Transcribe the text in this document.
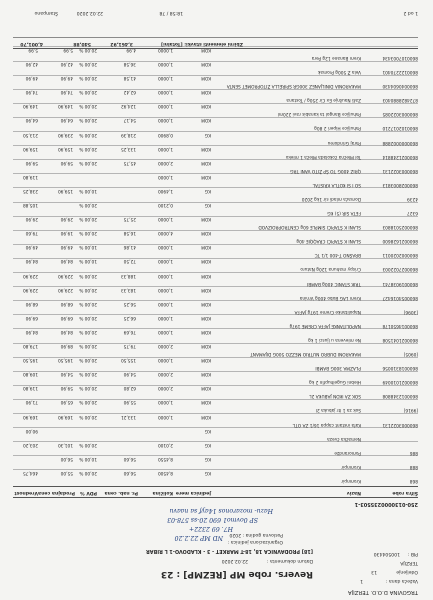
TRGOVINA D.O.O. TERZIJA
Važeća dana :
1
Odeljenje
13
TERZIJA
PIB :
100504430
Revers. robe MP [REZMP] : 23
Datum dokumenta :
22.02.2020
[18] PRODAVNICA 18, 18-T MARKET - 3 - KLADOVO-1 L RIBAR
Organizaciona jedinica :
Poslovna godina : 2020
ND MP 22.2.20
H7. 69 2322+
SP 0ovmo1 690 20-ss 578-03
Hazu- mozaronos 14ayf sa naavu
250-0130000235503-1
Šifra robe
Naziv
Jedinica mere
Količina
Pr. nab. cena
PDV %
Prodajna cena
Vrednost
868
Kromnpir
KG
8,4500
56,60
20,00 %
55,00
464,75
888
Kromnpir
KG
8,4550
56,60
10,00 %
56,00
886
Pomorandže
KG
2,0100
20,00 %
101,30
203,20
Nemačka čveza
KG
90,00
8600003022131
Kafa instant cappa 16/1 ZA OTL
KOM
1,0000
133,21
20,00 %
169,90
169,90
[9916]
Sok za 1 ltr jabuka 2l
KOM
1,0000
55,90
20,00 %
65,90
71,90
8600012348808
SOK ZA IKON JABUKA 2L
KOM
2,0000
62,80
20,00 %
59,90
119,80
8600021010049
Hlebni Gugelhupfin 2 kg
KOM
2,0000
54,90
20,00 %
54,90
109,80
8600018310056
PLAZMA 300G BAMBI
KOM
1,0000
155,50
20,00 %
195,50
195,50
[0905]
MAKARONI DUBRO NUTRIO MEZZO 500G DIJAMANT
KOM
2,0000
79,75
20,00 %
89,90
179,80
8600021041508
Ne mlevena u ljusci 1 kg
KOM
1,0000
76,69
20,00 %
84,90
84,90
8600014650178
NAPOLITANKE JAFFA CREME 197g
KOM
1,0000
66,25
20,00 %
69,90
69,90
[3096]
Napolitanke Creme 197g JAFFA
KOM
1,0000
56,25
20,00 %
68,90
68,90
8600054016427
Krem LAG Bobo 400g Vrnina
KOM
1,0000
183,33
20,00 %
229,90
229,90
8600019038741
TRIK STANIC 400g BAMBI
KOM
1,0000
188,33
20,00 %
229,90
229,90
8600027022003
Crispy mahuna 120g Naturo
KOM
1,0000
72,50
10,00 %
84,90
84,90
8600002020011
BRAŠNO T-400 1/1 TC
KOM
1,0000
41,86
10,00 %
49,90
49,90
8600021628600
SLANI K ŠTAPIĆI CRAQQIE 40g
KOM
4,0000
16,58
20,00 %
19,90
79,60
8600025018803
SLANI K ŠTAPIĆI SIMPLE 60g CENTROPROIZVOD
KOM
1,0000
25,75
20,00 %
29,90
29,90
6327
FETA SIR (5) KG
KG
0,2100
20,00 %
105,88
4239
Domaća mladi sir 1kg 2020
KG
1,4900
10,00 %
159,90
238,25
8600028003813
SO I SI KOTLA KRISTAL
KOM
1,0000
119,80
8600003022131
QRIZ 400G TO ŠP ŽITO VANI TRG
KOM
2,0000
45,75
20,00 %
59,90
59,90
8600021248814
Tol Mlečna čokolada Mleča 1 mleko
KOM
1,0000
133,25
20,00 %
159,90
159,90
8600000002888
Paraj Grindoreu
KG
0,8900
218,39
20,00 %
239,90
213,50
8600102017210
Pahuljice Hiperi 2 80g
KOM
1,0000
54,17
20,00 %
64,90
64,90
8600003022085
Pahuljice Bangol ta kanabis ravi 220ml
KOM
1,0000
124,92
20,00 %
149,90
149,90
8724828880403
Zaši Naušnje Ex Cir 250g / Tostana
KOM
1,0000
62,42
20,00 %
74,90
74,90
8600040604430
MAKARONIA DINILJANEZ 300GR SPIRELLA ŽITOPROMET SENTA
KOM
1,0000
41,58
20,00 %
49,90
49,90
8600122270401
Vela Ž 500g Promak
KOM
1,0000
36,58
20,00 %
42,90
42,90
8600107003434
Krem Banane 12g Pera
KOM
1,0000
4,99
20,00 %
5,99
5,99
Zbirni elementi stavki: [Totalni]
3,461,92
540,88
4,001,70
1 od 2
18:58 / 78
22.02.2020
Štampano
